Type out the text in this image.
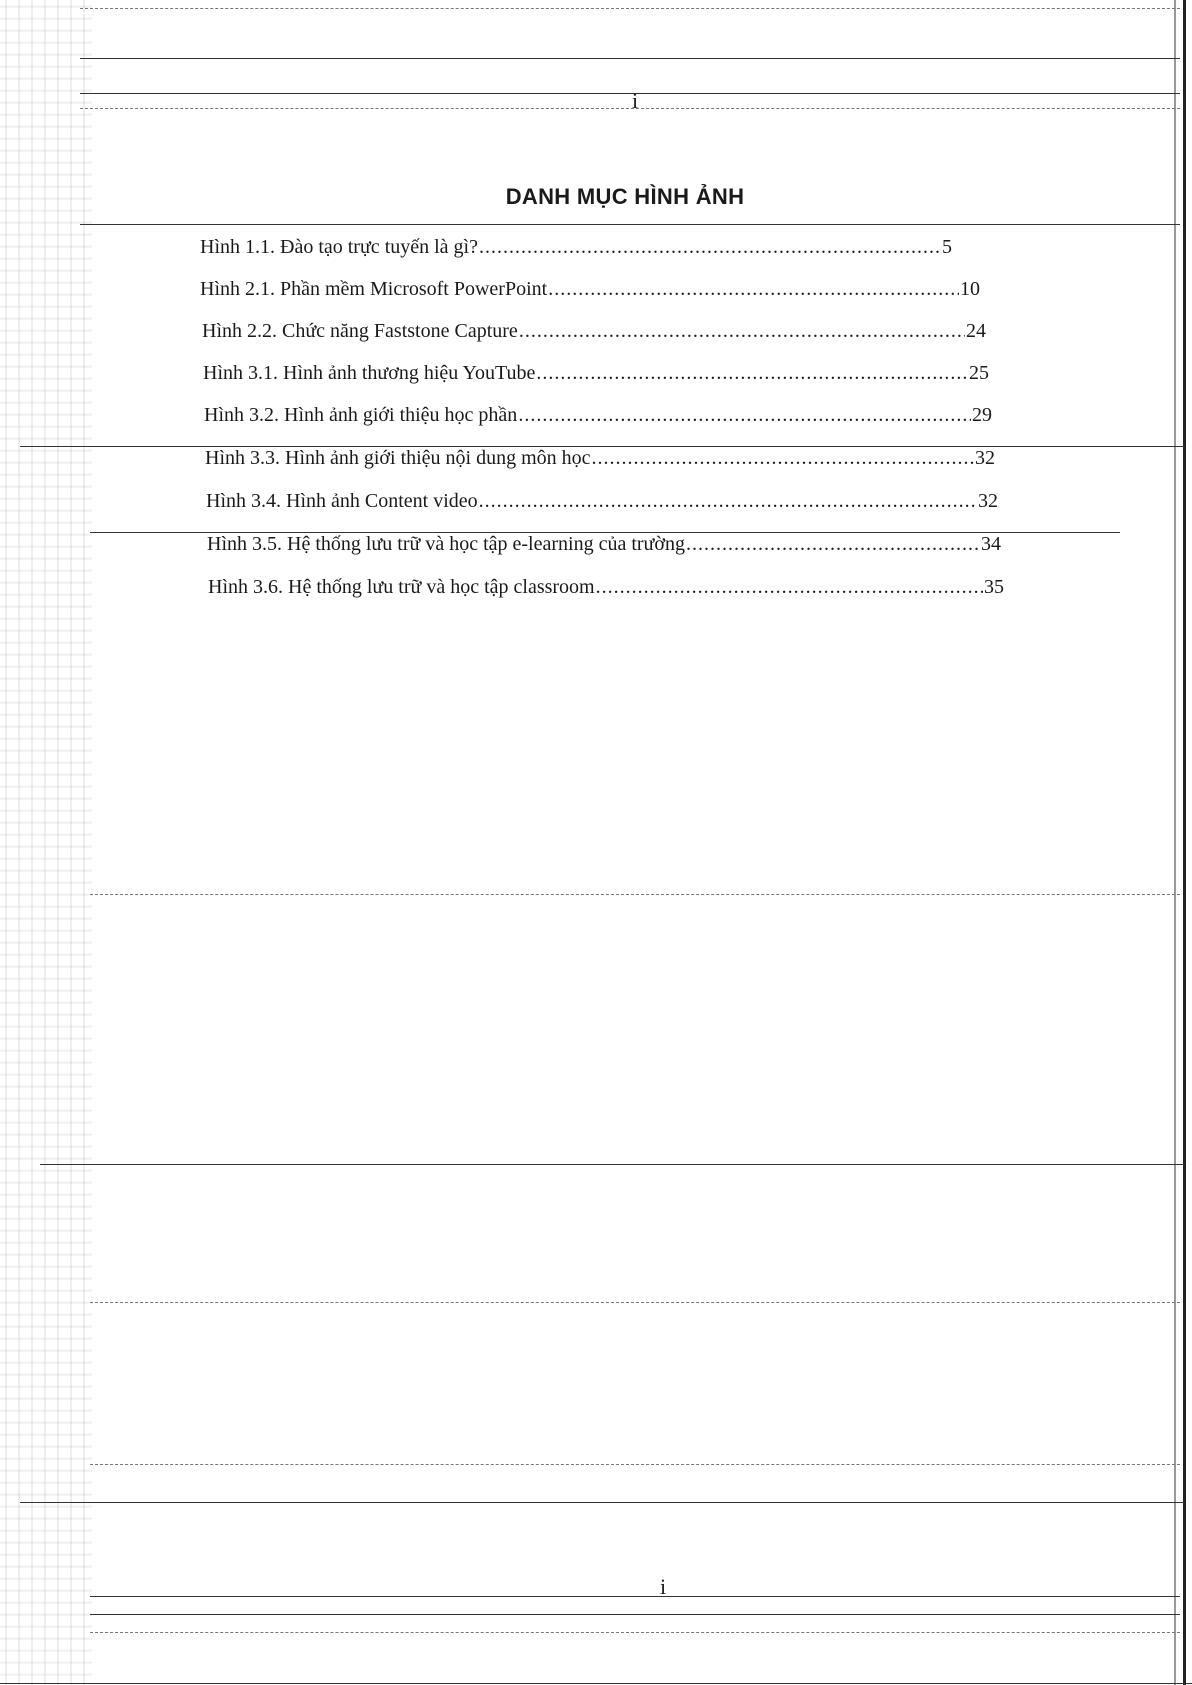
i
DANH MỤC HÌNH ẢNH
Hình 1.1. Đào tạo trực tuyến là gì? .....	5
Hình 2.1. Phần mềm Microsoft PowerPoint .....	10
Hình 2.2. Chức năng Faststone Capture .....	24
Hình 3.1. Hình ảnh thương hiệu YouTube .....	25
Hình 3.2. Hình ảnh giới thiệu học phần .....	29
Hình 3.3. Hình ảnh giới thiệu nội dung môn học .....	32
Hình 3.4. Hình ảnh Content video .....	32
Hình 3.5. Hệ thống lưu trữ và học tập e-learning của trường .....	34
Hình 3.6. Hệ thống lưu trữ và học tập classroom .....	35
i
